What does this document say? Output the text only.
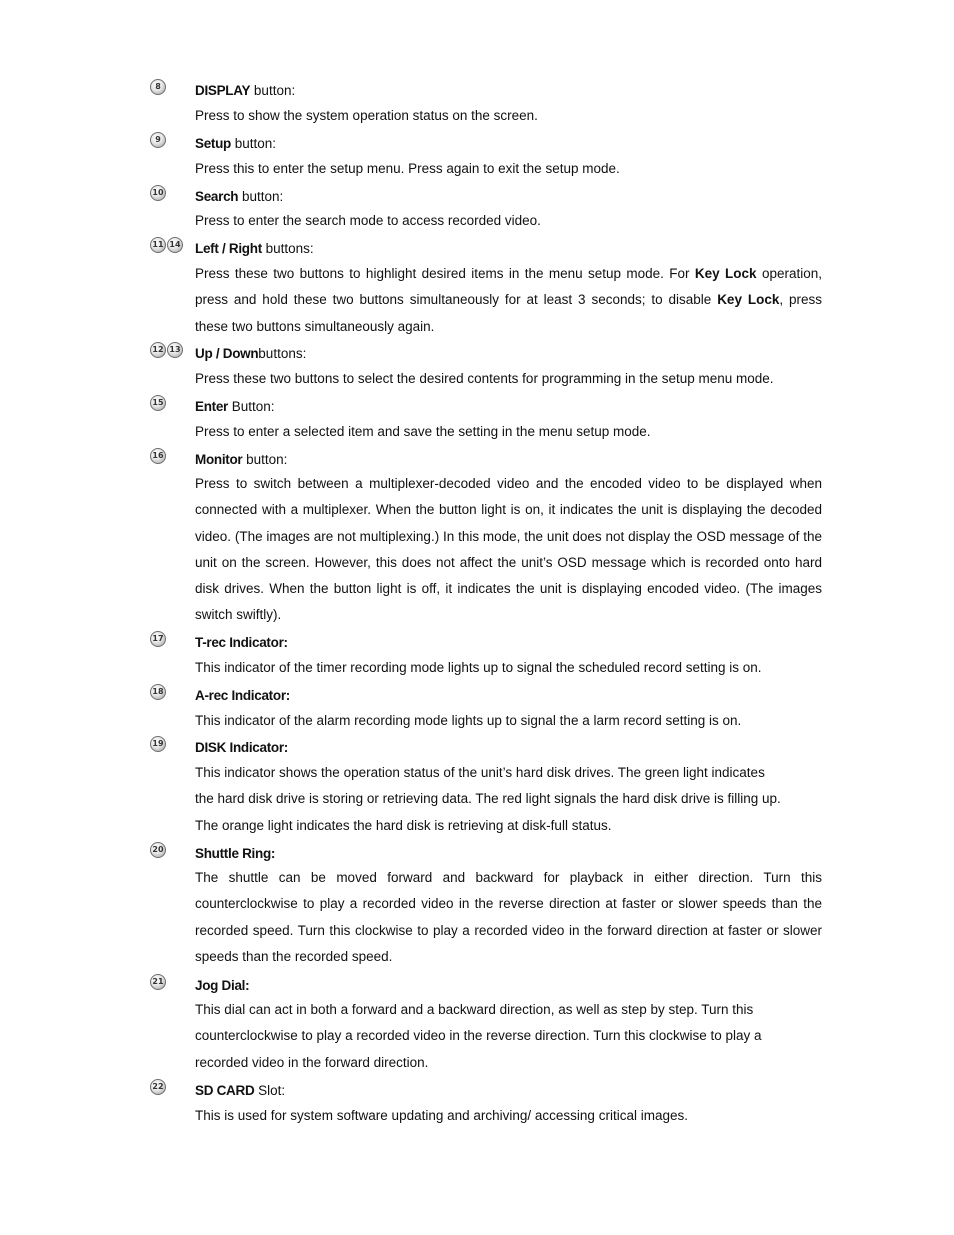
8	DISPLAY button:
Press to show the system operation status on the screen.
9	Setup button:
Press this to enter the setup menu. Press again to exit the setup mode.
10 Search button:
Press to enter the search mode to access recorded video.
11 14 Left / Right buttons:
Press these two buttons to highlight desired items in the menu setup mode. For Key Lock operation, press and hold these two buttons simultaneously for at least 3 seconds; to disable Key Lock, press these two buttons simultaneously again.
12 13 Up / Downbuttons:
Press these two buttons to select the desired contents for programming in the setup menu mode.
15 Enter Button:
Press to enter a selected item and save the setting in the menu setup mode.
16 Monitor button:
Press to switch between a multiplexer-decoded video and the encoded video to be displayed when connected with a multiplexer. When the button light is on, it indicates the unit is displaying the decoded video. (The images are not multiplexing.) In this mode, the unit does not display the OSD message of the unit on the screen. However, this does not affect the unit’s OSD message which is recorded onto hard disk drives. When the button light is off, it indicates the unit is displaying encoded video. (The images switch swiftly).
17 T-rec Indicator:
This indicator of the timer recording mode lights up to signal the scheduled record setting is on.
18 A-rec Indicator:
This indicator of the alarm recording mode lights up to signal the a larm record setting is on.
19 DISK Indicator:
This indicator shows the operation status of the unit’s hard disk drives. The green light indicates
the hard disk drive is storing or retrieving data. The red light signals the hard disk drive is filling up.
The orange light indicates the hard disk is retrieving at disk-full status.
20 Shuttle Ring:
The shuttle can be moved forward and backward for playback in either direction. Turn this counterclockwise to play a recorded video in the reverse direction at faster or slower speeds than the recorded speed. Turn this clockwise to play a recorded video in the forward direction at faster or slower speeds than the recorded speed.
21 Jog Dial:
This dial can act in both a forward and a backward direction, as well as step by step. Turn this
counterclockwise to play a recorded video in the reverse direction. Turn this clockwise to play a
recorded video in the forward direction.
22 SD CARD Slot:
This is used for system software updating and archiving/ accessing critical images.
